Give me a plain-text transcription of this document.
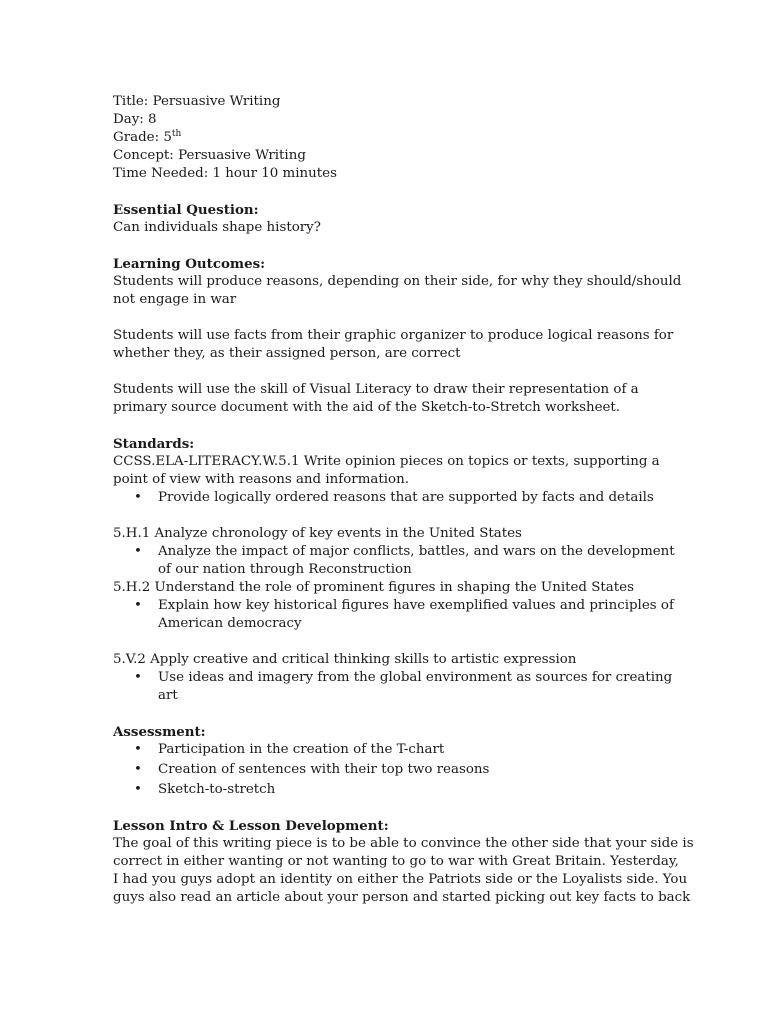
Title: Persuasive Writing
Day: 8
Grade: 5th
Concept: Persuasive Writing
Time Needed: 1 hour 10 minutes
Essential Question:
Can individuals shape history?
Learning Outcomes:
Students will produce reasons, depending on their side, for why they should/should
not engage in war
Students will use facts from their graphic organizer to produce logical reasons for
whether they, as their assigned person, are correct
Students will use the skill of Visual Literacy to draw their representation of a
primary source document with the aid of the Sketch-to-Stretch worksheet.
Standards:
CCSS.ELA-LITERACY.W.5.1 Write opinion pieces on topics or texts, supporting a
point of view with reasons and information.
• Provide logically ordered reasons that are supported by facts and details
5.H.1 Analyze chronology of key events in the United States
• Analyze the impact of major conflicts, battles, and wars on the development
of our nation through Reconstruction
5.H.2 Understand the role of prominent figures in shaping the United States
• Explain how key historical figures have exemplified values and principles of
American democracy
5.V.2 Apply creative and critical thinking skills to artistic expression
• Use ideas and imagery from the global environment as sources for creating
art
Assessment:
• Participation in the creation of the T-chart
• Creation of sentences with their top two reasons
• Sketch-to-stretch
Lesson Intro & Lesson Development:
The goal of this writing piece is to be able to convince the other side that your side is
correct in either wanting or not wanting to go to war with Great Britain. Yesterday,
I had you guys adopt an identity on either the Patriots side or the Loyalists side. You
guys also read an article about your person and started picking out key facts to back
